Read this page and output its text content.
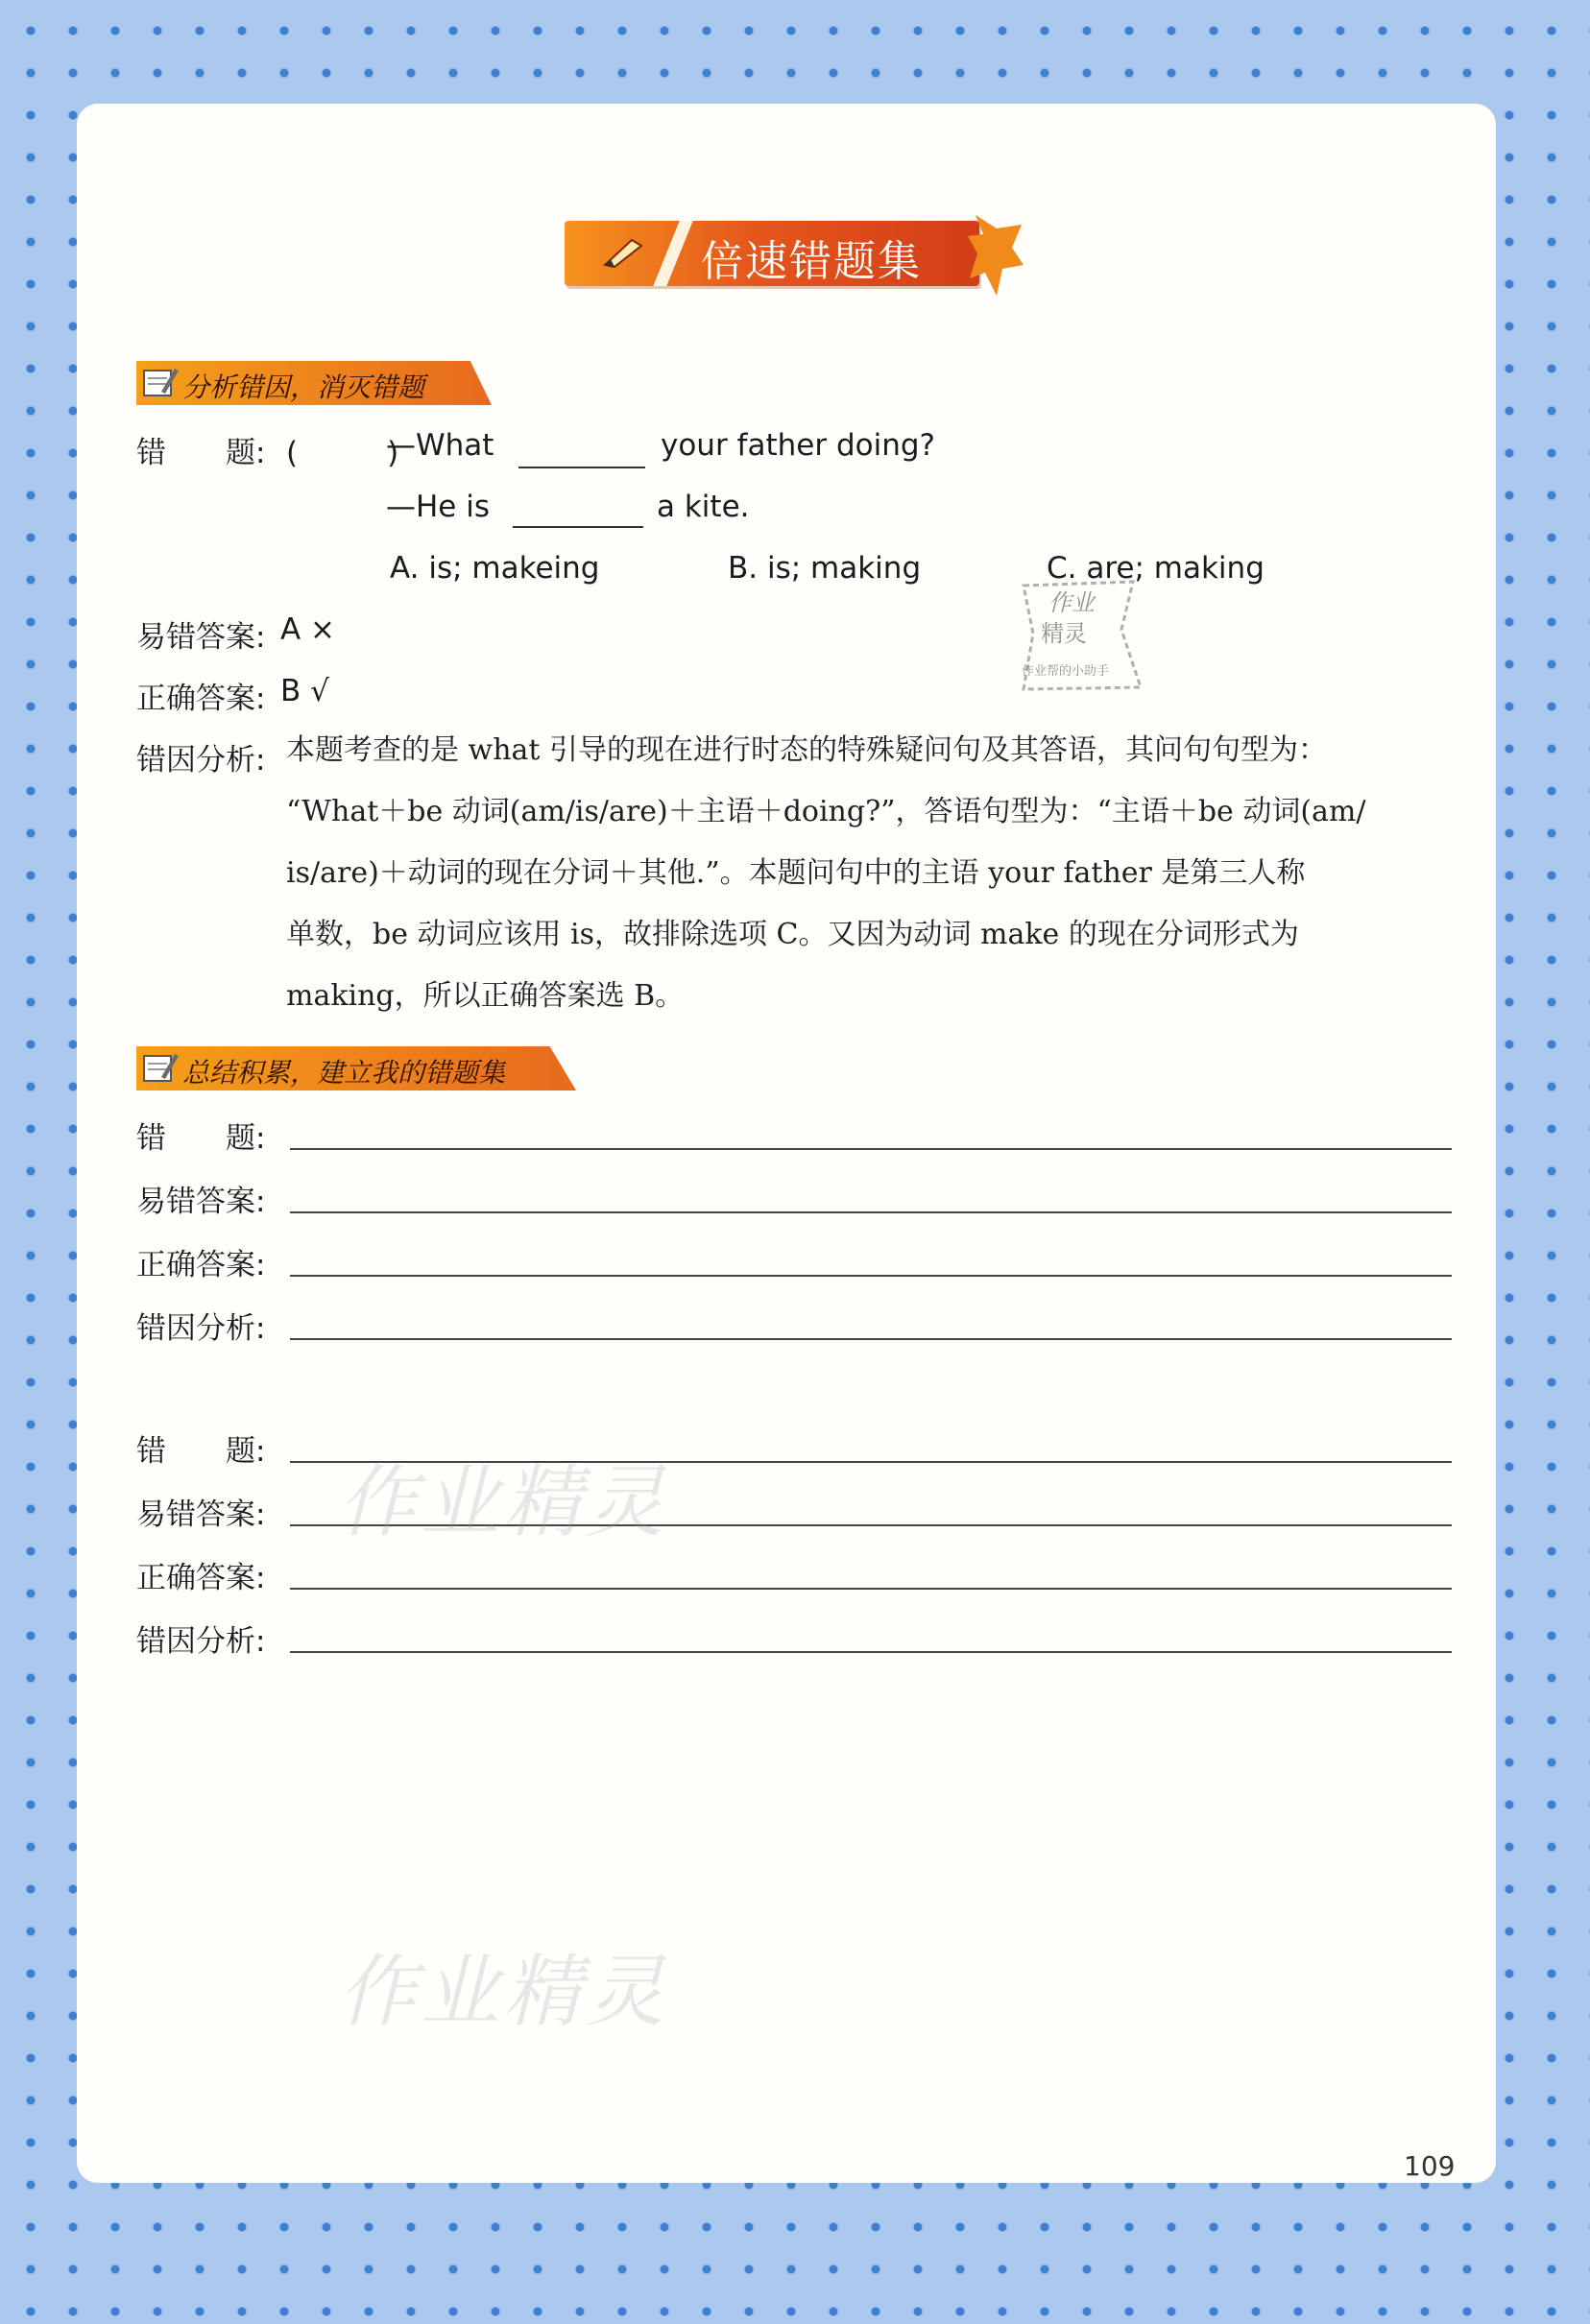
倍速错题集
分析错因，消灭错题
错　　题: (　　　)
—What	your father doing?
—He is	a kite.
A. is; makeing	B. is; making	C. are; making
作业
精灵
作业帮的小助手
易错答案: A ×
正确答案: B √
错因分析: 本题考查的是 what 引导的现在进行时态的特殊疑问句及其答语，其问句句型为：
“What＋be 动词(am/is/are)＋主语＋doing?”，答语句型为：“主语＋be 动词(am/
is/are)＋动词的现在分词＋其他.”。本题问句中的主语 your father 是第三人称
单数，be 动词应该用 is，故排除选项 C。又因为动词 make 的现在分词形式为
making，所以正确答案选 B。
总结积累，建立我的错题集
错　　题:
易错答案:
正确答案:
错因分析:
错　　题:
易错答案:
正确答案:
错因分析:
作业精灵
作业精灵
109
